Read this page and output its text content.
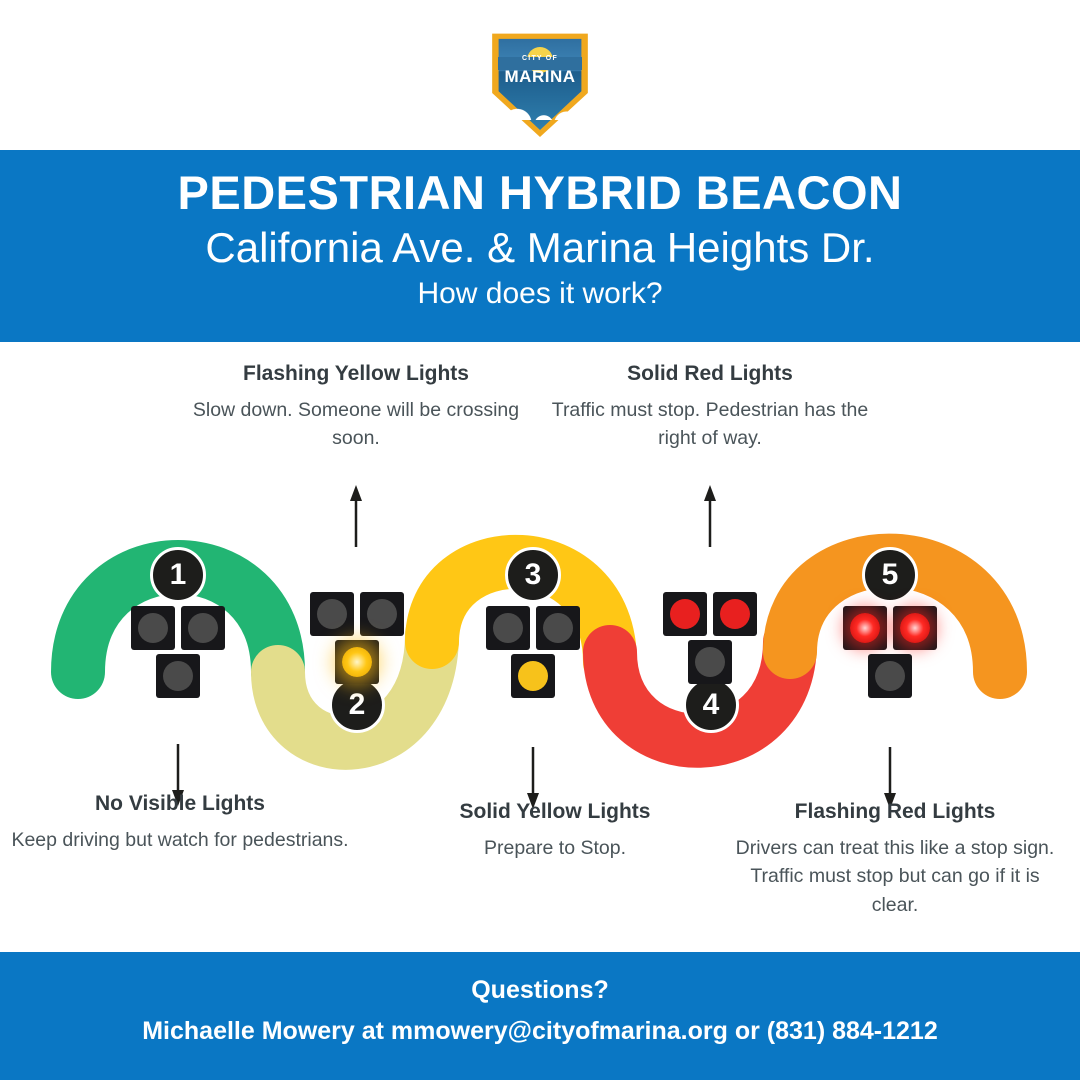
CITY OF
MARINA
PEDESTRIAN HYBRID BEACON
California Ave. & Marina Heights Dr.
How does it work?
1
No Visible Lights
Keep driving but watch for pedestrians.
2
Flashing Yellow Lights
Slow down. Someone will be crossing soon.
3
Solid Yellow Lights
Prepare to Stop.
4
Solid Red Lights
Traffic must stop. Pedestrian has the right of way.
5
Flashing Red Lights
Drivers can treat this like a stop sign. Traffic must stop but can go if it is clear.
Questions?
Michaelle Mowery at mmowery@cityofmarina.org or (831) 884-1212
